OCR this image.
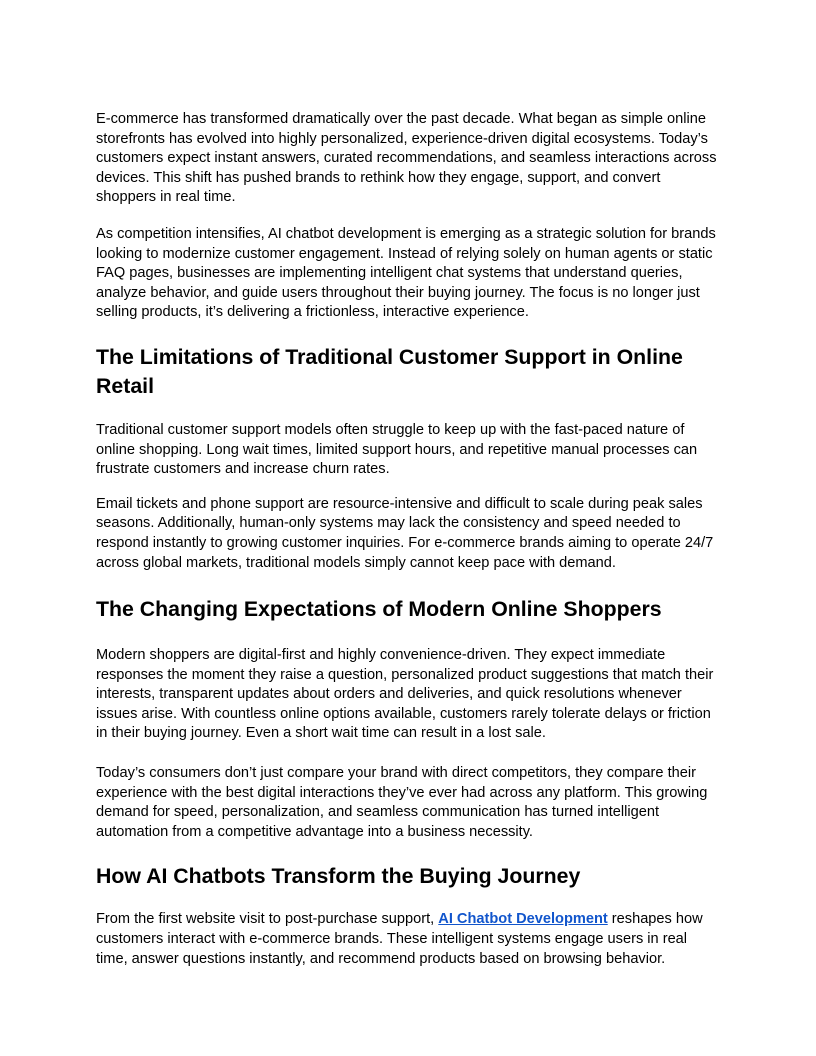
E-commerce has transformed dramatically over the past decade. What began as simple online storefronts has evolved into highly personalized, experience-driven digital ecosystems. Today’s customers expect instant answers, curated recommendations, and seamless interactions across devices. This shift has pushed brands to rethink how they engage, support, and convert shoppers in real time.

As competition intensifies, AI chatbot development is emerging as a strategic solution for brands looking to modernize customer engagement. Instead of relying solely on human agents or static FAQ pages, businesses are implementing intelligent chat systems that understand queries, analyze behavior, and guide users throughout their buying journey. The focus is no longer just selling products, it’s delivering a frictionless, interactive experience.

The Limitations of Traditional Customer Support in Online Retail

Traditional customer support models often struggle to keep up with the fast-paced nature of online shopping. Long wait times, limited support hours, and repetitive manual processes can frustrate customers and increase churn rates.

Email tickets and phone support are resource-intensive and difficult to scale during peak sales seasons. Additionally, human-only systems may lack the consistency and speed needed to respond instantly to growing customer inquiries. For e-commerce brands aiming to operate 24/7 across global markets, traditional models simply cannot keep pace with demand.

The Changing Expectations of Modern Online Shoppers

Modern shoppers are digital-first and highly convenience-driven. They expect immediate responses the moment they raise a question, personalized product suggestions that match their interests, transparent updates about orders and deliveries, and quick resolutions whenever issues arise. With countless online options available, customers rarely tolerate delays or friction in their buying journey. Even a short wait time can result in a lost sale.

Today’s consumers don’t just compare your brand with direct competitors, they compare their experience with the best digital interactions they’ve ever had across any platform. This growing demand for speed, personalization, and seamless communication has turned intelligent automation from a competitive advantage into a business necessity.

How AI Chatbots Transform the Buying Journey

From the first website visit to post-purchase support, AI Chatbot Development reshapes how customers interact with e-commerce brands. These intelligent systems engage users in real time, answer questions instantly, and recommend products based on browsing behavior.
